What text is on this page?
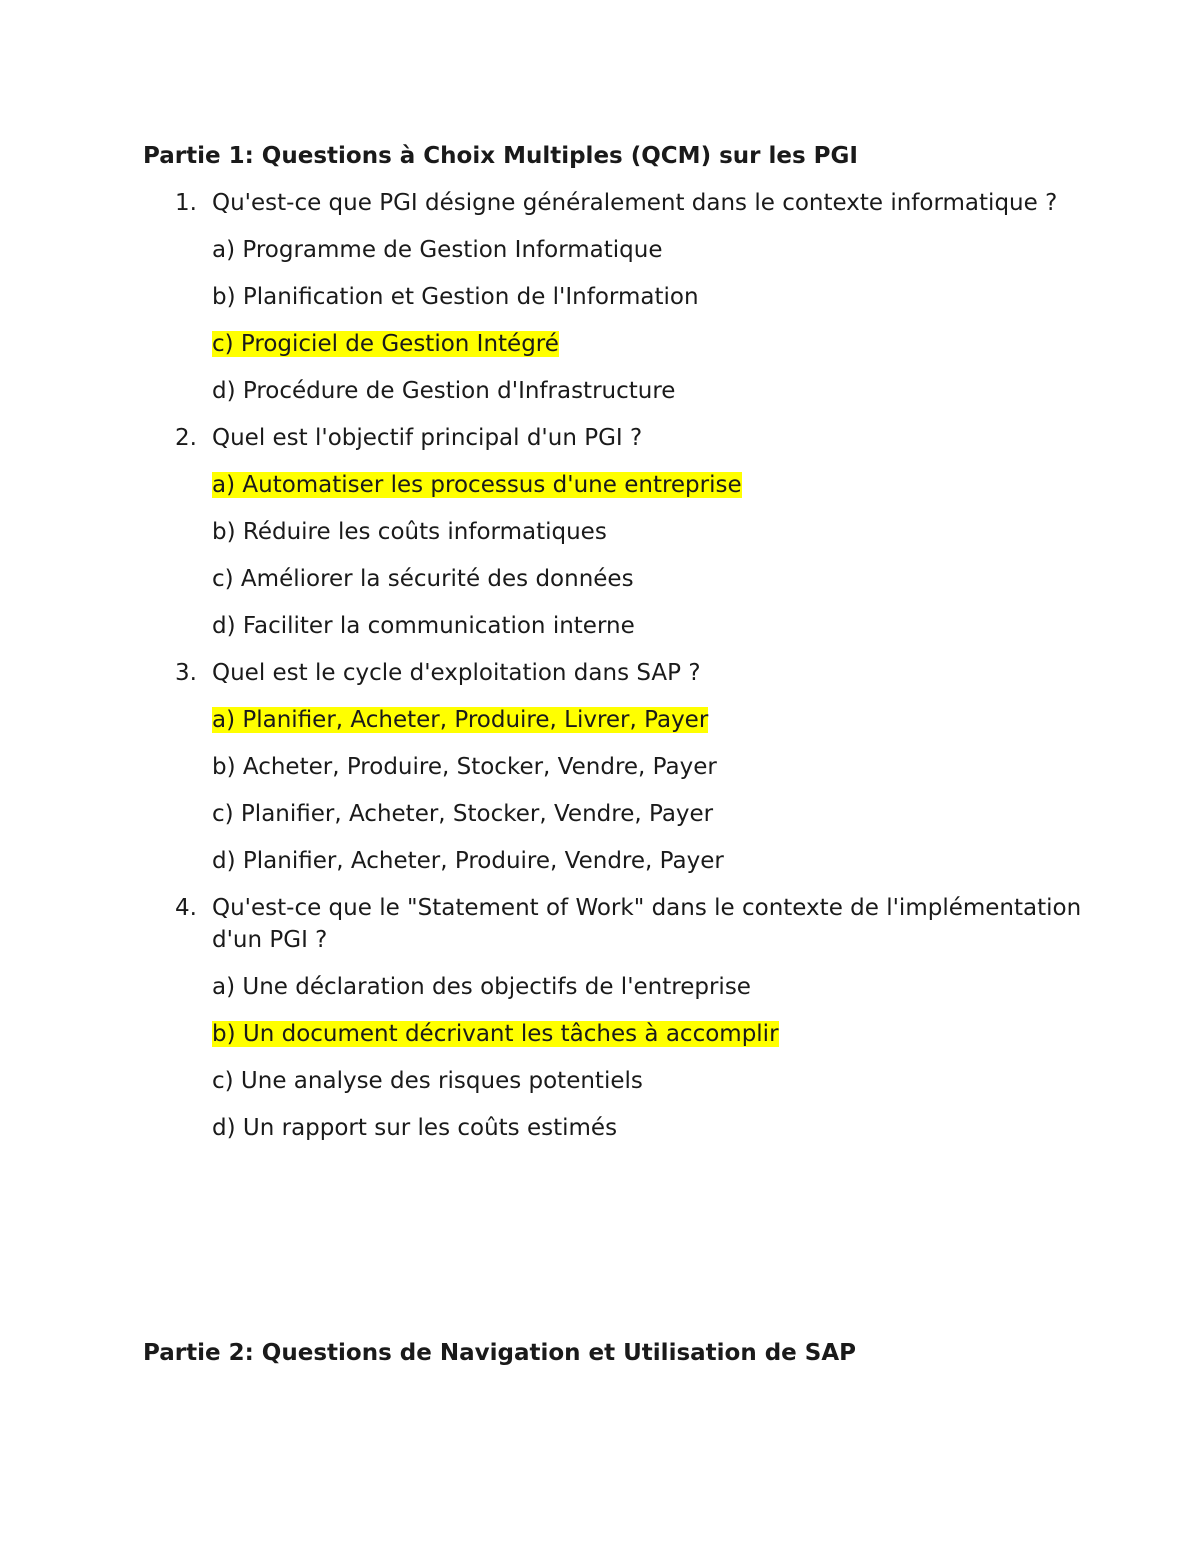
Partie 1: Questions à Choix Multiples (QCM) sur les PGI
1. Qu'est-ce que PGI désigne généralement dans le contexte informatique ?

a) Programme de Gestion Informatique

b) Planification et Gestion de l'Information

c) Progiciel de Gestion Intégré

d) Procédure de Gestion d'Infrastructure

2. Quel est l'objectif principal d'un PGI ?

a) Automatiser les processus d'une entreprise

b) Réduire les coûts informatiques

c) Améliorer la sécurité des données

d) Faciliter la communication interne

3. Quel est le cycle d'exploitation dans SAP ?

a) Planifier, Acheter, Produire, Livrer, Payer

b) Acheter, Produire, Stocker, Vendre, Payer

c) Planifier, Acheter, Stocker, Vendre, Payer

d) Planifier, Acheter, Produire, Vendre, Payer

4. Qu'est-ce que le "Statement of Work" dans le contexte de l'implémentation d'un PGI ?

a) Une déclaration des objectifs de l'entreprise

b) Un document décrivant les tâches à accomplir

c) Une analyse des risques potentiels

d) Un rapport sur les coûts estimés

Partie 2: Questions de Navigation et Utilisation de SAP
